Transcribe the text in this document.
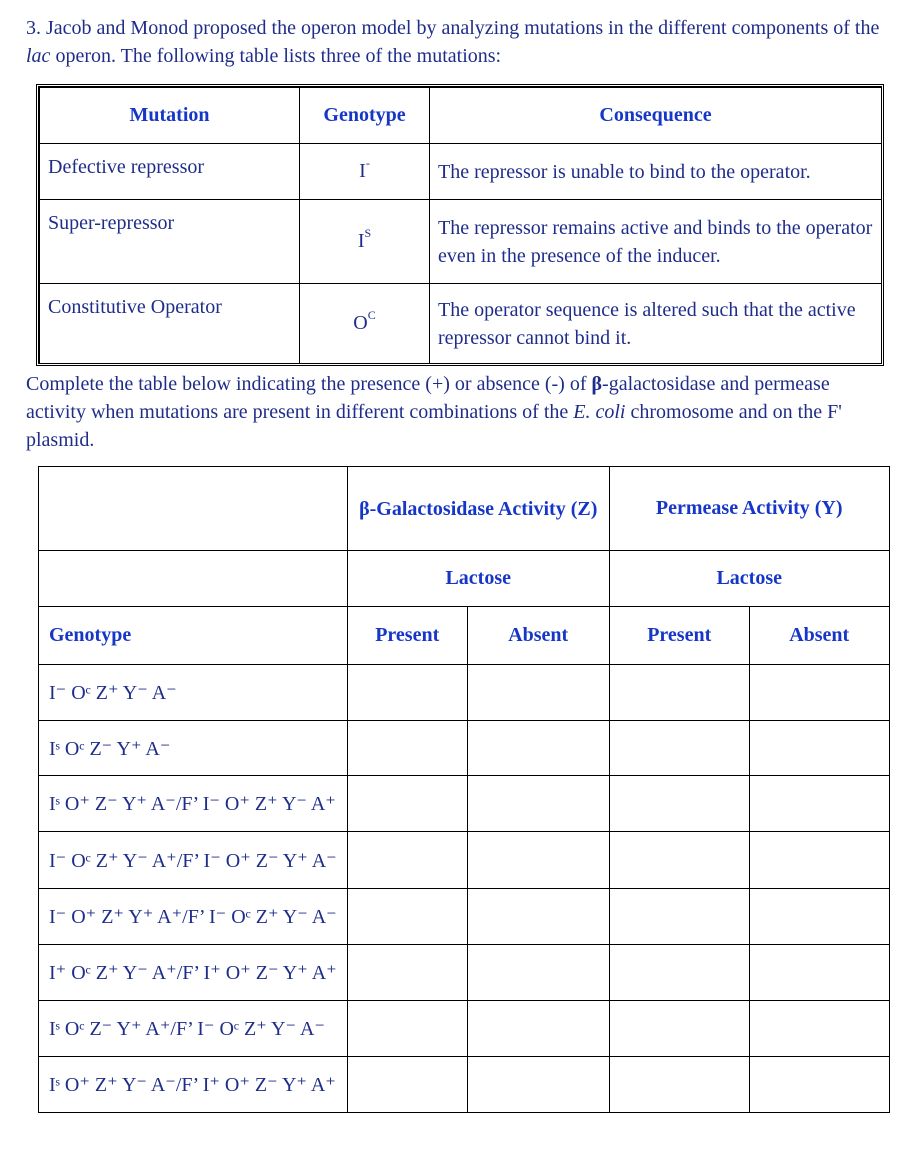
3. Jacob and Monod proposed the operon model by analyzing mutations in the different components of the lac operon. The following table lists three of the mutations:

Mutation	Genotype	Consequence
Defective repressor	I-	The repressor is unable to bind to the operator.
Super-repressor	$I^S$	The repressor remains active and binds to the operator even in the presence of the inducer.
Constitutive Operator	$O^C$	The operator sequence is altered such that the active repressor cannot bind it.

Complete the table below indicating the presence (+) or absence (-) of β-galactosidase and permease activity when mutations are present in different combinations of the E. coli chromosome and on the F' plasmid.

	β-Galactosidase Activity (Z)		Permease Activity (Y)	
	Lactose		Lactose	
Genotype	Present	Absent	Present	Absent
I⁻ Oᶜ Z⁺ Y⁻ A⁻				
Iˢ Oᶜ Z⁻ Y⁺ A⁻				
Iˢ O⁺ Z⁻ Y⁺ A⁻/F’ I⁻ O⁺ Z⁺ Y⁻ A⁺				
I⁻ Oᶜ Z⁺ Y⁻ A⁺/F’ I⁻ O⁺ Z⁻ Y⁺ A⁻				
I⁻ O⁺ Z⁺ Y⁺ A⁺/F’ I⁻ Oᶜ Z⁺ Y⁻ A⁻				
I⁺ Oᶜ Z⁺ Y⁻ A⁺/F’ I⁺ O⁺ Z⁻ Y⁺ A⁺				
Iˢ Oᶜ Z⁻ Y⁺ A⁺/F’ I⁻ Oᶜ Z⁺ Y⁻ A⁻				
Iˢ O⁺ Z⁺ Y⁻ A⁻/F’ I⁺ O⁺ Z⁻ Y⁺ A⁺				
